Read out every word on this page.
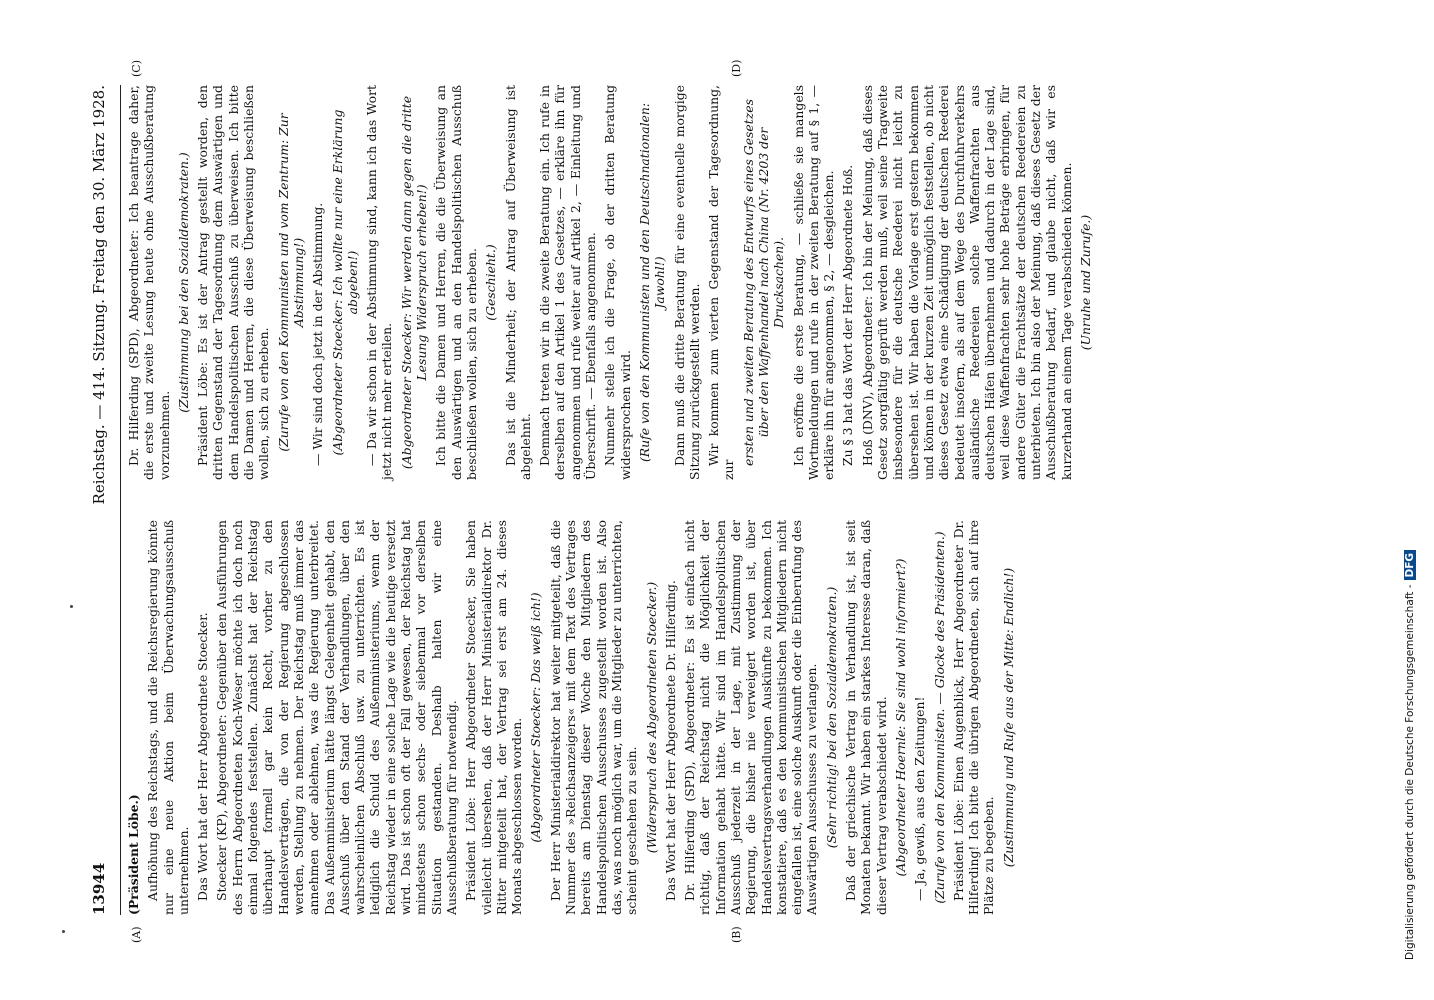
13944
Reichstag. — 414. Sitzung. Freitag den 30. März 1928.

(Präsident Löbe.) Aufhöhung des Reichstags, und die Reichsregierung könnte nur eine neue Aktion beim Überwachungsausschuß unternehmen. Das Wort hat der Herr Abgeordnete Stoecker. Stoecker (KP), Abgeordneter: Gegenüber den Ausführungen des Herrn Abgeordneten Koch-Weser möchte ich doch noch einmal folgendes feststellen. Zunächst hat der Reichstag überhaupt formell gar kein Recht, vorher zu den Handelsverträgen, die von der Regierung abgeschlossen werden, Stellung zu nehmen. Der Reichstag muß immer das annehmen oder ablehnen, was die Regierung unterbreitet. Das Außenministerium hätte längst Gelegenheit gehabt, den Ausschuß über den Stand der Verhandlungen, über den wahrscheinlichen Abschluß usw. zu unterrichten. Es ist lediglich die Schuld des Außenministeriums, wenn der Reichstag wieder in eine solche Lage wie die heutige versetzt wird. Das ist schon oft der Fall gewesen, der Reichstag hat mindestens schon sechs- oder siebenmal vor derselben Situation gestanden. Deshalb halten wir eine Ausschußberatung für notwendig. Präsident Löbe: Herr Abgeordneter Stoecker, Sie haben vielleicht übersehen, daß der Herr Ministerialdirektor Dr. Ritter mitgeteilt hat, der Vertrag sei erst am 24. dieses Monats abgeschlossen worden. (Abgeordneter Stoecker: Das weiß ich!) Der Herr Ministerialdirektor hat weiter mitgeteilt, daß die Nummer des »Reichsanzeigers« mit dem Text des Vertrages bereits am Dienstag dieser Woche den Mitgliedern des Handelspolitischen Ausschusses zugestellt worden ist. Also das, was noch möglich war, um die Mitglieder zu unterrichten, scheint geschehen zu sein. (Widerspruch des Abgeordneten Stoecker.) Das Wort hat der Herr Abgeordnete Dr. Hilferding. Dr. Hilferding (SPD), Abgeordneter: Es ist einfach nicht richtig, daß der Reichstag nicht die Möglichkeit der Information gehabt hätte. Wir sind im Handelspolitischen Ausschuß jederzeit in der Lage, mit Zustimmung der Regierung, die bisher nie verweigert worden ist, über Handelsvertragsverhandlungen Auskünfte zu bekommen. Ich konstatiere, daß es den kommunistischen Mitgliedern nicht eingefallen ist, eine solche Auskunft oder die Einberufung des Auswärtigen Ausschusses zu verlangen. (Sehr richtig! bei den Sozialdemokraten.) Daß der griechische Vertrag in Verhandlung ist, ist seit Monaten bekannt. Wir haben ein starkes Interesse daran, daß dieser Vertrag verabschiedet wird. (Abgeordneter Hoernle: Sie sind wohl informiert?) — Ja, gewiß, aus den Zeitungen! (Zurufe von den Kommunisten. — Glocke des Präsidenten.) Präsident Löbe: Einen Augenblick, Herr Abgeordneter Dr. Hilferding! Ich bitte die übrigen Abgeordneten, sich auf ihre Plätze zu begeben. (Zustimmung und Rufe aus der Mitte: Endlich!)

Dr. Hilferding (SPD), Abgeordneter: Ich beantrage daher, die erste und zweite Lesung heute ohne Ausschußberatung vorzunehmen.

(Zustimmung bei den Sozialdemokraten.) Präsident Löbe: Es ist der Antrag gestellt worden, den dritten Gegenstand der Tagesordnung dem Auswärtigen und dem Handelspolitischen Ausschuß zu überweisen. Ich bitte die Damen und Herren, die diese Überweisung beschließen wollen, sich zu erheben. (Zurufe von den Kommunisten und vom Zentrum: Zur Abstimmung!) — Wir sind doch jetzt in der Abstimmung. (Abgeordneter Stoecker: Ich wollte nur eine Erklärung abgeben!) — Da wir schon in der Abstimmung sind, kann ich das Wort jetzt nicht mehr erteilen. (Abgeordneter Stoecker: Wir werden dann gegen die dritte Lesung Widerspruch erheben!) Ich bitte die Damen und Herren, die die Überweisung an den Auswärtigen und an den Handelspolitischen Ausschuß beschließen wollen, sich zu erheben. (Geschieht.) Das ist die Minderheit; der Antrag auf Überweisung ist abgelehnt. Demnach treten wir in die zweite Beratung ein. Ich rufe in derselben auf den Artikel 1 des Gesetzes, — erkläre ihn für angenommen und rufe weiter auf Artikel 2, — Einleitung und Überschrift. — Ebenfalls angenommen. Nunmehr stelle ich die Frage, ob der dritten Beratung widersprochen wird. (Rufe von den Kommunisten und den Deutschnationalen: Jawohl!) Dann muß die dritte Beratung für eine eventuelle morgige Sitzung zurückgestellt werden. Wir kommen zum vierten Gegenstand der Tagesordnung, zur

ersten und zweiten Beratung des Entwurfs eines Gesetzes über den Waffenhandel nach China (Nr. 4203 der Drucksachen). Ich eröffne die erste Beratung, — schließe sie mangels Wortmeldungen und rufe in der zweiten Beratung auf § 1, — erkläre ihn für angenommen, § 2, — desgleichen. Zu § 3 hat das Wort der Herr Abgeordnete Hoß. Hoß (DNV), Abgeordneter: Ich bin der Meinung, daß dieses Gesetz sorgfältig geprüft werden muß, weil seine Tragweite insbesondere für die deutsche Reederei nicht leicht zu übersehen ist. Wir haben die Vorlage erst gestern bekommen und können in der kurzen Zeit unmöglich feststellen, ob nicht dieses Gesetz etwa eine Schädigung der deutschen Reederei bedeutet insofern, als auf dem Wege des Durchfuhrverkehrs ausländische Reedereien solche Waffenfrachten aus deutschen Häfen übernehmen und dadurch in der Lage sind, weil diese Waffenfrachten sehr hohe Beträge erbringen, für andere Güter die Frachtsätze der deutschen Reedereien zu unterbieten. Ich bin also der Meinung, daß dieses Gesetz der Ausschußberatung bedarf, und glaube nicht, daß wir es kurzerhand an einem Tage verabschieden können. (Unruhe und Zurufe.)

(A)	(B)
(C)	(D)
Digitalisierung gefördert durch die Deutsche Forschungsgemeinschaft -DFG
